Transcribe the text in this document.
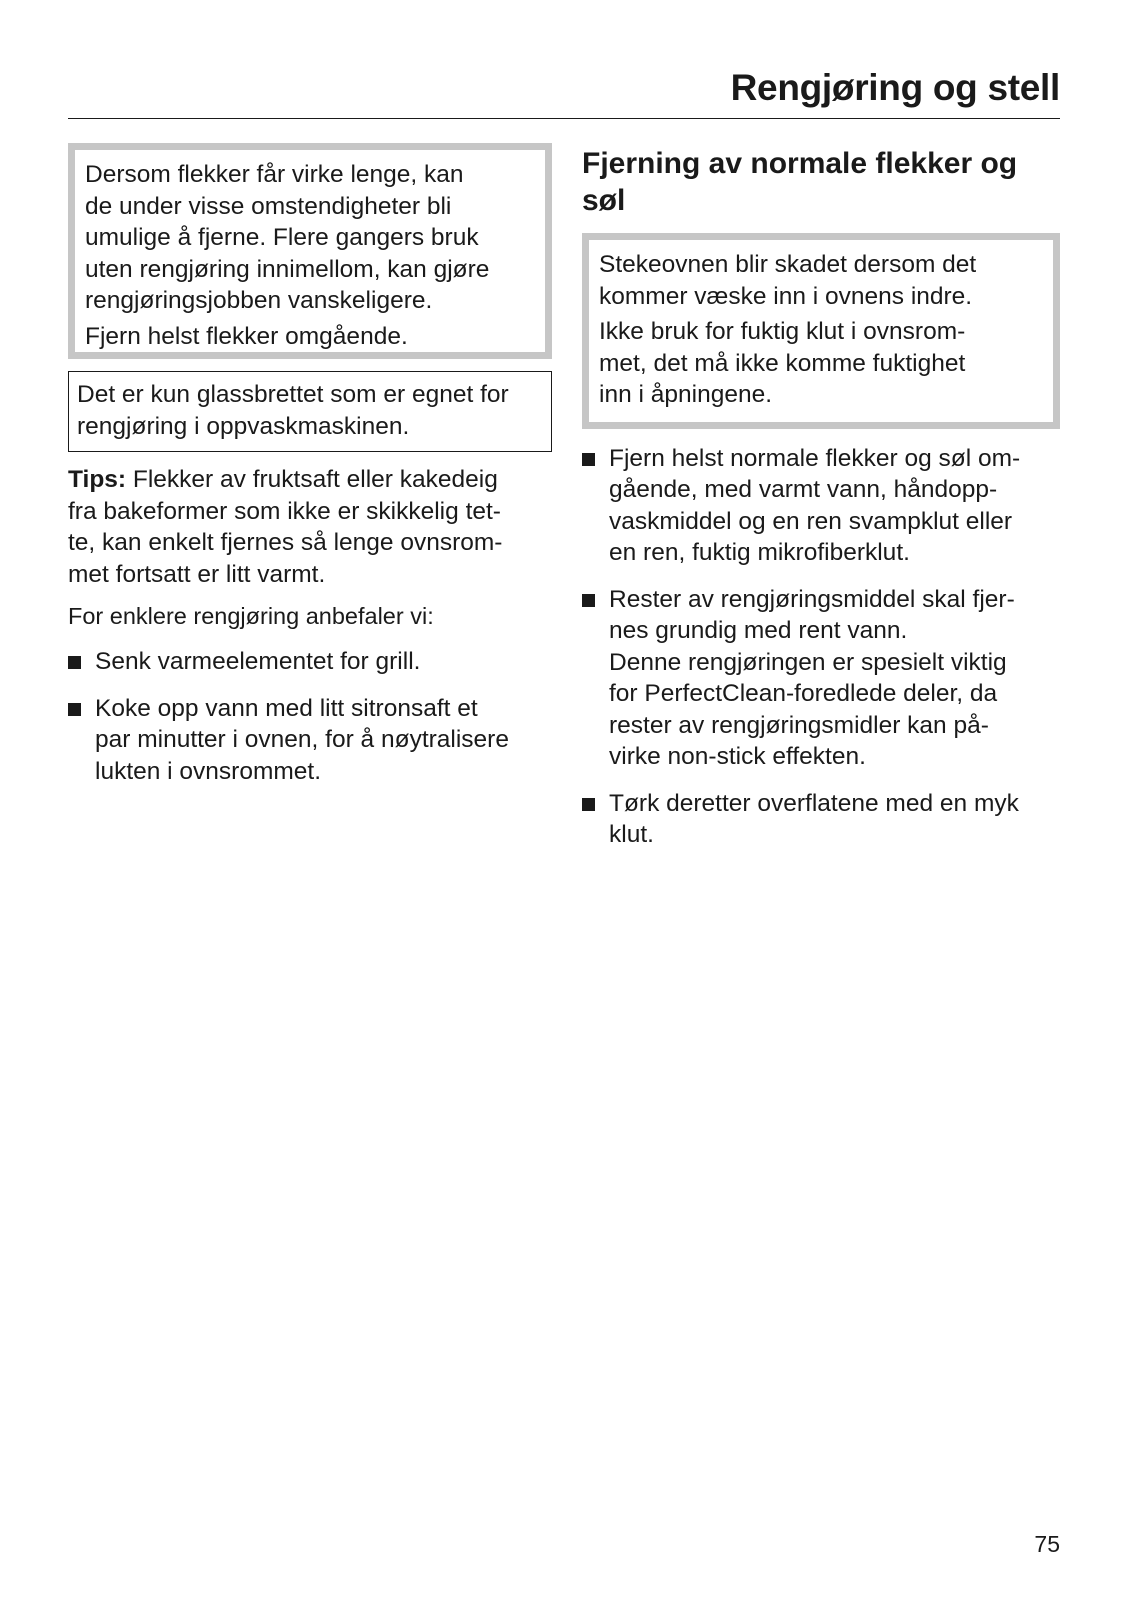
Rengjøring og stell

Dersom flekker får virke lenge, kan

de under visse omstendigheter bli

umulige å fjerne. Flere gangers bruk

uten rengjøring innimellom, kan gjøre

rengjøringsjobben vanskeligere.

Fjern helst flekker omgående.

Det er kun glassbrettet som er egnet for

rengjøring i oppvaskmaskinen.

Tips: Flekker av fruktsaft eller kakedeig

fra bakeformer som ikke er skikkelig tet-

te, kan enkelt fjernes så lenge ovnsrom-

met fortsatt er litt varmt.

For enklere rengjøring anbefaler vi:

Senk varmeelementet for grill.

Koke opp vann med litt sitronsaft et

par minutter i ovnen, for å nøytralisere

lukten i ovnsrommet.

Fjerning av normale flekker og
søl

Stekeovnen blir skadet dersom det

kommer væske inn i ovnens indre.

Ikke bruk for fuktig klut i ovnsrom-

met, det må ikke komme fuktighet

inn i åpningene.

Fjern helst normale flekker og søl om-

gående, med varmt vann, håndopp-

vaskmiddel og en ren svampklut eller

en ren, fuktig mikrofiberklut.

Rester av rengjøringsmiddel skal fjer-

nes grundig med rent vann.

Denne rengjøringen er spesielt viktig

for PerfectClean-foredlede deler, da

rester av rengjøringsmidler kan på-

virke non-stick effekten.

Tørk deretter overflatene med en myk

klut.

75
